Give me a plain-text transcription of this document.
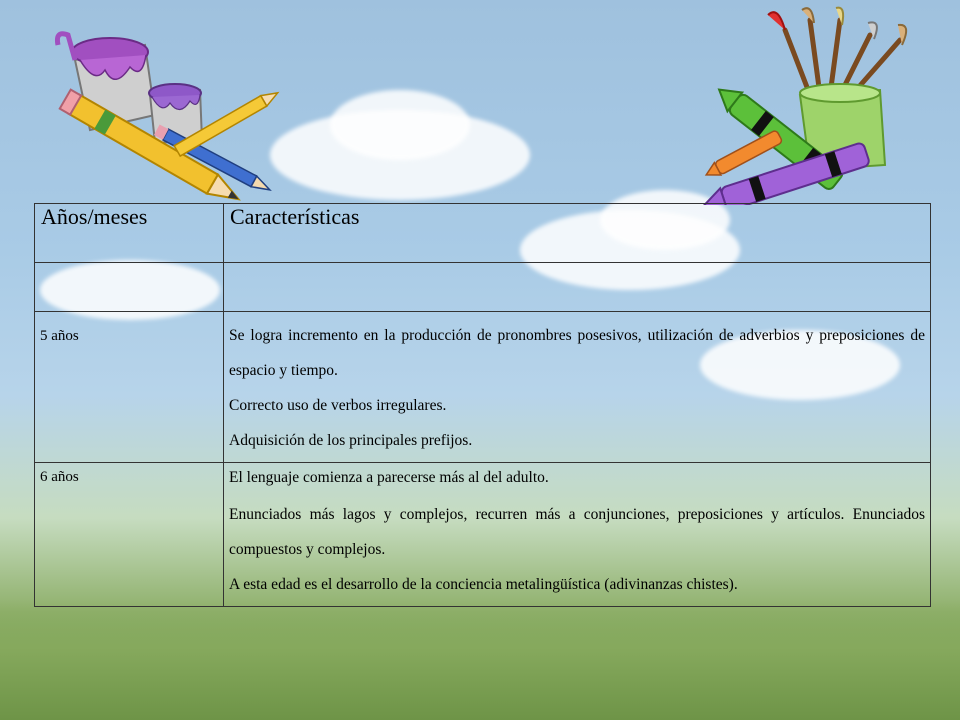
Años/meses	Características

5 años	Se logra incremento en la producción de pronombres posesivos, utilización de adverbios y preposiciones de espacio y tiempo.

Correcto uso de verbos irregulares.

Adquisición de los principales prefijos.

6 años	El lenguaje comienza a parecerse más al del adulto.

Enunciados más lagos y complejos, recurren más a conjunciones, preposiciones y artículos. Enunciados compuestos y complejos.

A esta edad es el desarrollo de la conciencia metalingüística (adivinanzas chistes).
